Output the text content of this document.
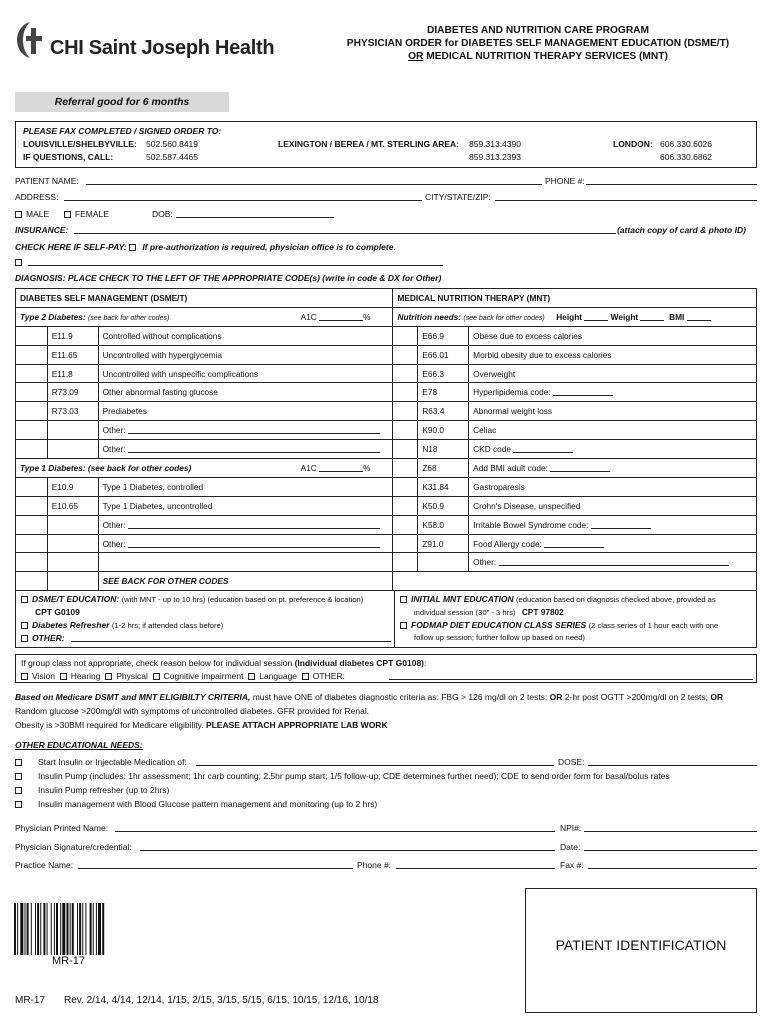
CHI Saint Joseph Health
DIABETES AND NUTRITION CARE PROGRAM
PHYSICIAN ORDER for DIABETES SELF MANAGEMENT EDUCATION (DSME/T)
OR MEDICAL NUTRITION THERAPY SERVICES (MNT)
Referral good for 6 months
PLEASE FAX COMPLETED / SIGNED ORDER TO:
LOUISVILLE/SHELBYVILLE: 502.560.8419
IF QUESTIONS, CALL:	502.587.4465
LEXINGTON / BEREA / MT. STERLING AREA: 859.313.4390
859.313.2393
LONDON: 606.330.6026
606.330.6862
PATIENT NAME:	PHONE #:
ADDRESS:	CITY/STATE/ZIP:
MALE	FEMALE	DOB:
INSURANCE:	(attach copy of card & photo ID)
CHECK HERE IF SELF-PAY: If pre-authorization is required, physician office is to complete.
DIAGNOSIS: PLACE CHECK TO THE LEFT OF THE APPROPRIATE CODE(s) (write in code & DX for Other)
DIABETES SELF MANAGEMENT (DSME/T)			MEDICAL NUTRITION THERAPY (MNT)		
Type 2 Diabetes: (see back for other codes) A1C %			Nutrition needs: (see back for other codes) Height Weight BMI		
	E11.9	Controlled without complications		E66.9	Obese due to excess calories
	E11.65	Uncontrolled with hyperglycemia		E66.01	Morbid obesity due to excess calories
	E11.8	Uncontrolled with unspecific complications		E66.3	Overweight
	R73.09	Other abnormal fasting glucose		E78	Hyperlipidemia code:
	R73.03	Prediabetes		R63.4	Abnormal weight loss
		Other:		K90.0	Celiac
		Other:		N18	CKD code
Type 1 Diabetes: (see back for other codes) A1C %				Z68	Add BMI adult code:
	E10.9	Type 1 Diabetes, controlled		K31.84	Gastroparesis
	E10.65	Type 1 Diabetes, uncontrolled		K50.9	Crohn's Disease, unspecified
		Other:		K58.0	Irritable Bowel Syndrome code:
		Other:		Z91.0	Food Allergy code:
					Other:
		SEE BACK FOR OTHER CODES			
DSME/T EDUCATION: (with MNT - up to 10 hrs) (education based on pt. preference & location)
CPT G0109
Diabetes Refresher (1-2 hrs; if attended class before)
OTHER:
INITIAL MNT EDUCATION (education based on diagnosis checked above, provided as
individual session (30" - 3 hrs) CPT 97802
FODMAP DIET EDUCATION CLASS SERIES (2 class series of 1 hour each with one
follow up session; further follow up based on need)
If group class not appropriate, check reason below for individual session (Individual diabetes CPT G0108):
Vision Hearing Physical Cognitive impairment Language OTHER:
Based on Medicare DSMT and MNT ELIGIBILTY CRITERIA, must have ONE of diabetes diagnostic criteria as: FBG > 126 mg/dl on 2 tests; OR 2-hr post OGTT >200mg/dl on 2 tests; OR
Random glucose >200mg/dl with symptoms of uncontrolled diabetes. GFR provided for Renal.
Obesity is >30BMI required for Medicare eligibility. PLEASE ATTACH APPROPRIATE LAB WORK
OTHER EDUCATIONAL NEEDS:
Start Insulin or Injectable Medication of:
Insulin Pump (includes: 1hr assessment; 1hr carb counting; 2.5hr pump start; 1/5 follow-up; CDE determines further need); CDE to send order form for basal/bolus rates
Insulin Pump refresher (up to 2hrs)
Insulin management with Blood Glucose pattern management and monitoring (up to 2 hrs)
DOSE:
Physician Printed Name:	NPI#:
Physician Signature/credential:	Date:
Practice Name:	Phone #:	Fax #:
MR-17
MR-17 Rev. 2/14, 4/14, 12/14, 1/15, 2/15, 3/15, 5/15, 6/15, 10/15, 12/16, 10/18
PATIENT IDENTIFICATION
